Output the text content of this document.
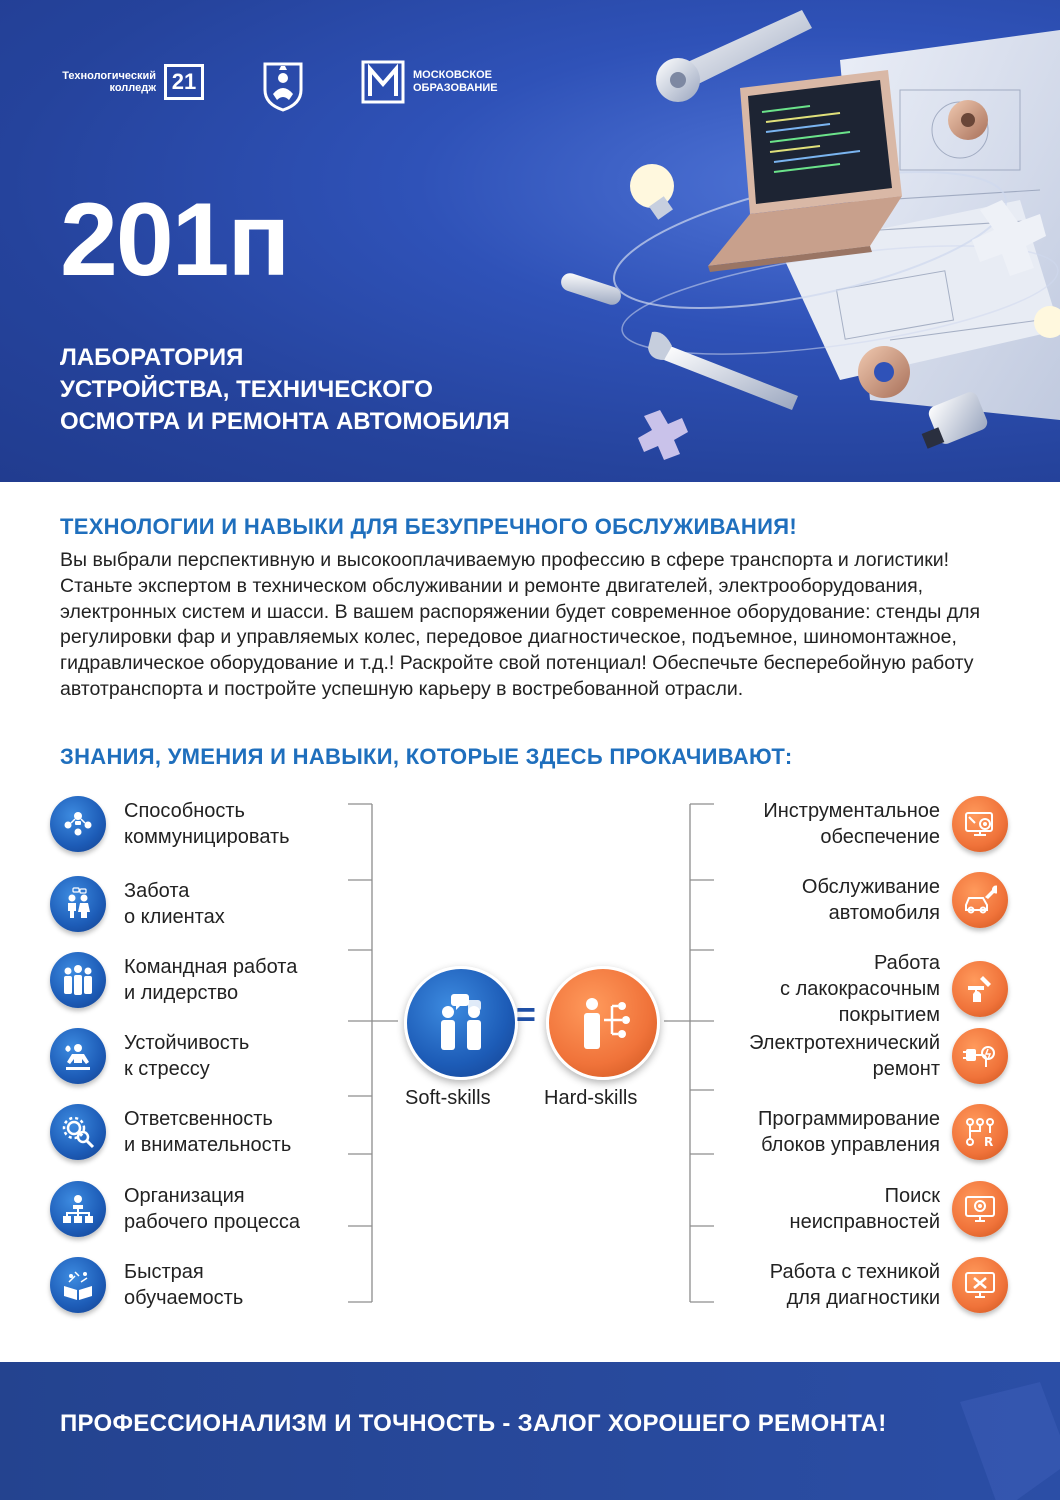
Технологический колледж 21	МОСКОВСКОЕ ОБРАЗОВАНИЕ
201п
ЛАБОРАТОРИЯ
УСТРОЙСТВА, ТЕХНИЧЕСКОГО
ОСМОТРА И РЕМОНТА АВТОМОБИЛЯ
ТЕХНОЛОГИИ И НАВЫКИ ДЛЯ БЕЗУПРЕЧНОГО ОБСЛУЖИВАНИЯ!
Вы выбрали перспективную и высокооплачиваемую профессию в сфере транспорта и логистики! Станьте экспертом в техническом обслуживании и ремонте двигателей, электрооборудования, электронных систем и шасси. В вашем распоряжении будет современное оборудование: стенды для регулировки фар и управляемых колес, передовое диагностическое, подъемное, шиномонтажное, гидравлическое оборудование и т.д.! Раскройте свой потенциал! Обеспечьте бесперебойную работу автотранспорта и постройте успешную карьеру в востребованной отрасли.
ЗНАНИЯ, УМЕНИЯ И НАВЫКИ, КОТОРЫЕ ЗДЕСЬ ПРОКАЧИВАЮТ:
Способность
коммуницировать
Забота
о клиентах
Командная работа
и лидерство
Устойчивость
к стрессу
Ответсвенность
и внимательность
Организация
рабочего процесса
Быстрая
обучаемость
=
Soft-skills	Hard-skills
Инструментальное
обеспечение
Обслуживание
автомобиля
Работа
с лакокрасочным
покрытием
Электротехнический
ремонт
R
Программирование
блоков управления
Поиск
неисправностей
Работа с техникой
для диагностики
ПРОФЕССИОНАЛИЗМ И ТОЧНОСТЬ - ЗАЛОГ ХОРОШЕГО РЕМОНТА!
